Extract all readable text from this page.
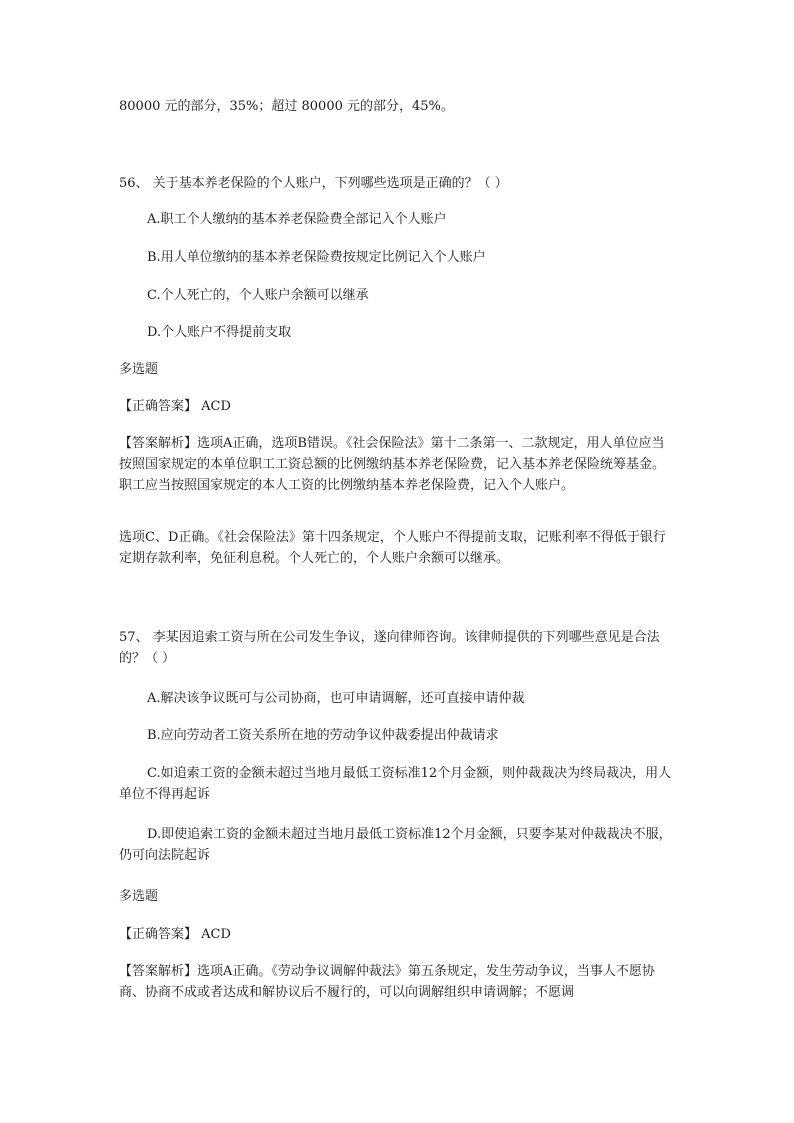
80000 元的部分，35%；超过 80000 元的部分，45%。
56、 关于基本养老保险的个人账户，下列哪些选项是正确的？（ ）
A.职工个人缴纳的基本养老保险费全部记入个人账户
B.用人单位缴纳的基本养老保险费按规定比例记入个人账户
C.个人死亡的，个人账户余额可以继承
D.个人账户不得提前支取
多选题
【正确答案】 ACD
【答案解析】选项A正确，选项B错误。《社会保险法》第十二条第一、二款规定，用人单位应当按照国家规定的本单位职工工资总额的比例缴纳基本养老保险费，记入基本养老保险统筹基金。职工应当按照国家规定的本人工资的比例缴纳基本养老保险费，记入个人账户。
选项C、D正确。《社会保险法》第十四条规定，个人账户不得提前支取，记账利率不得低于银行定期存款利率，免征利息税。个人死亡的，个人账户余额可以继承。
57、 李某因追索工资与所在公司发生争议，遂向律师咨询。该律师提供的下列哪些意见是合法的？（ ）
A.解决该争议既可与公司协商，也可申请调解，还可直接申请仲裁
B.应向劳动者工资关系所在地的劳动争议仲裁委提出仲裁请求
C.如追索工资的金额未超过当地月最低工资标准12个月金额，则仲裁裁决为终局裁决，用人单位不得再起诉
D.即使追索工资的金额未超过当地月最低工资标准12个月金额，只要李某对仲裁裁决不服，仍可向法院起诉
多选题
【正确答案】 ACD
【答案解析】选项A正确。《劳动争议调解仲裁法》第五条规定，发生劳动争议，当事人不愿协商、协商不成或者达成和解协议后不履行的，可以向调解组织申请调解；不愿调
